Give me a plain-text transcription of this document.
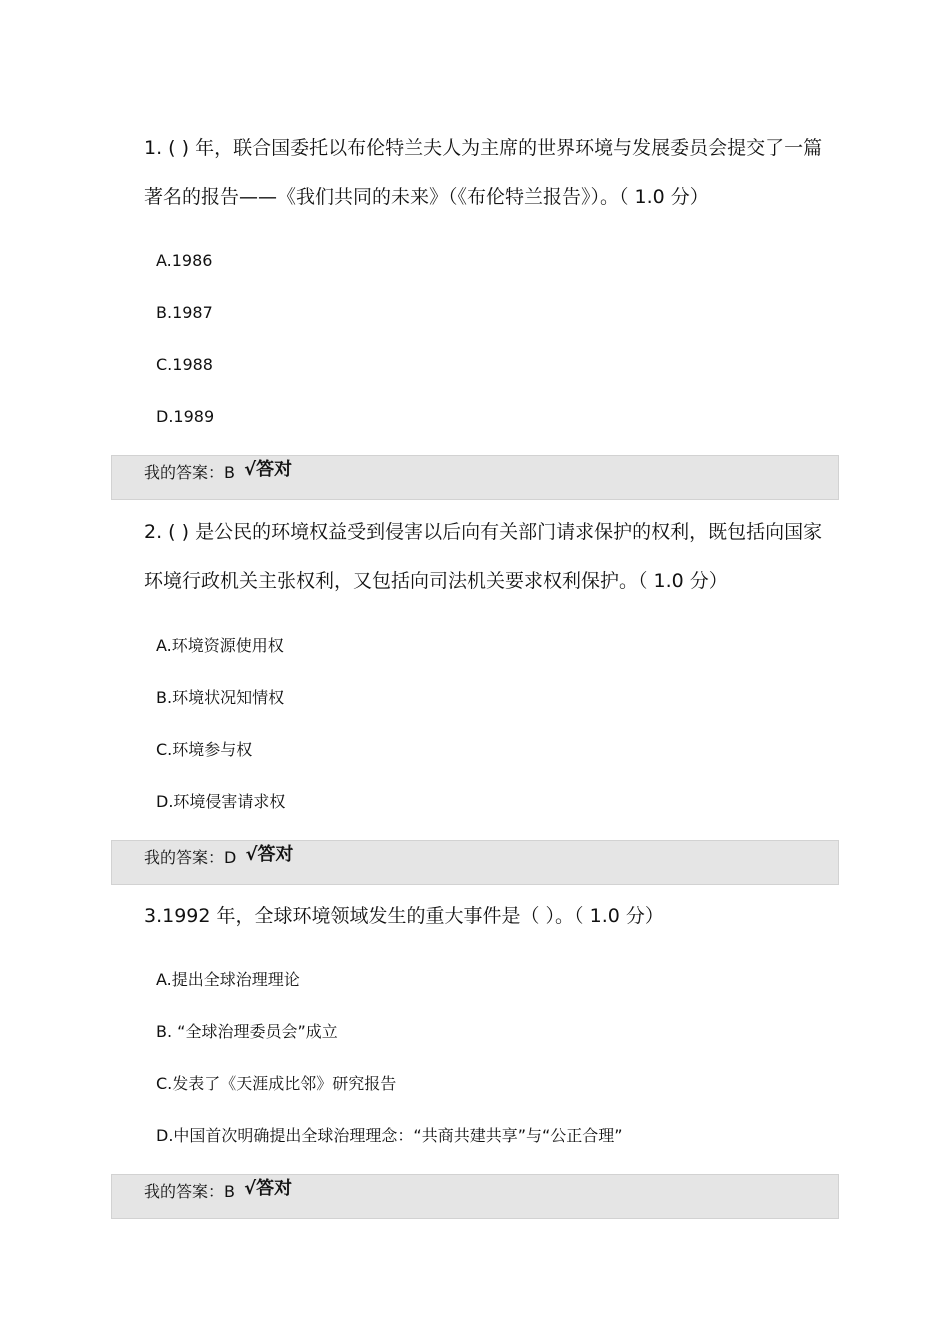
1. ( ) 年，联合国委托以布伦特兰夫人为主席的世界环境与发展委员会提交了一篇著名的报告——《我们共同的未来》（《布伦特兰报告》）。（ 1.0 分）

A.1986
B.1987
C.1988
D.1989
我的答案：B √答对

2. ( ) 是公民的环境权益受到侵害以后向有关部门请求保护的权利，既包括向国家环境行政机关主张权利，又包括向司法机关要求权利保护。（ 1.0 分）

A.环境资源使用权
B.环境状况知情权
C.环境参与权
D.环境侵害请求权
我的答案：D √答对

3.1992 年，全球环境领域发生的重大事件是（ ）。（ 1.0 分）

A.提出全球治理理论
B. “全球治理委员会”成立
C.发表了《天涯成比邻》研究报告
D.中国首次明确提出全球治理理念：“共商共建共享”与“公正合理”
我的答案：B √答对
